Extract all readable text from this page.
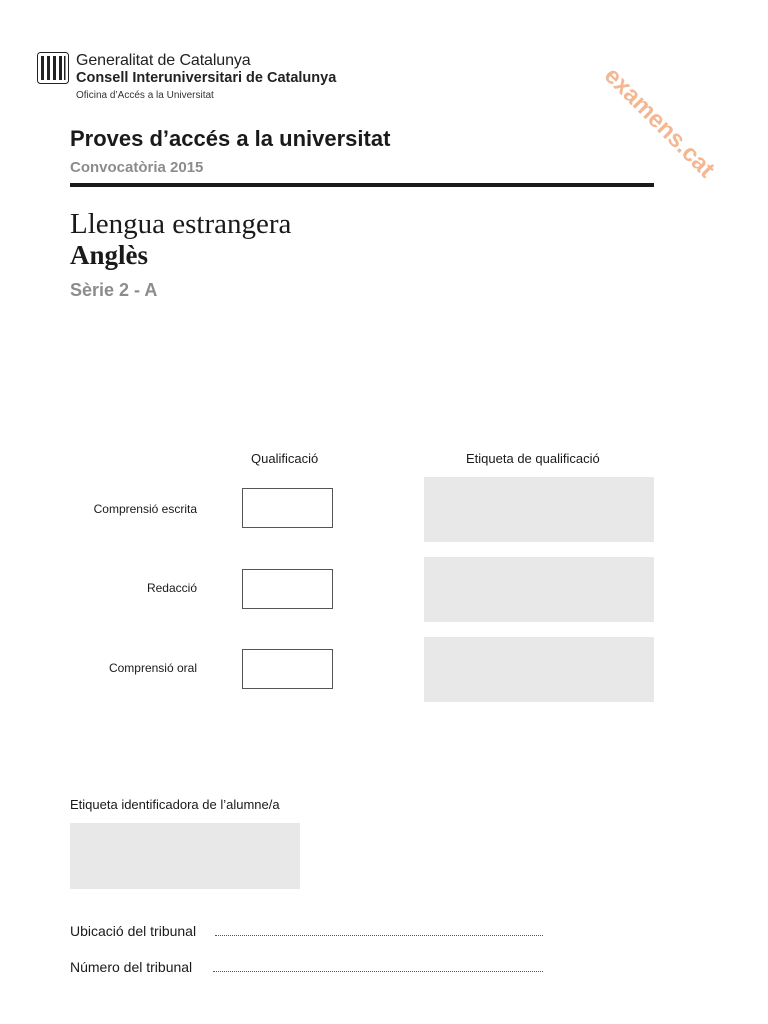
Generalitat de Catalunya
Consell Interuniversitari de Catalunya
Oficina d’Accés a la Universitat	examens.cat
Proves d’accés a la universitat
Convocatòria 2015
Llengua estrangera
Anglès
Sèrie 2 - A
Qualificació	Etiqueta de qualificació
Comprensió escrita
Redacció
Comprensió oral
Etiqueta identificadora de l’alumne/a
Ubicació del tribunal
Número del tribunal
